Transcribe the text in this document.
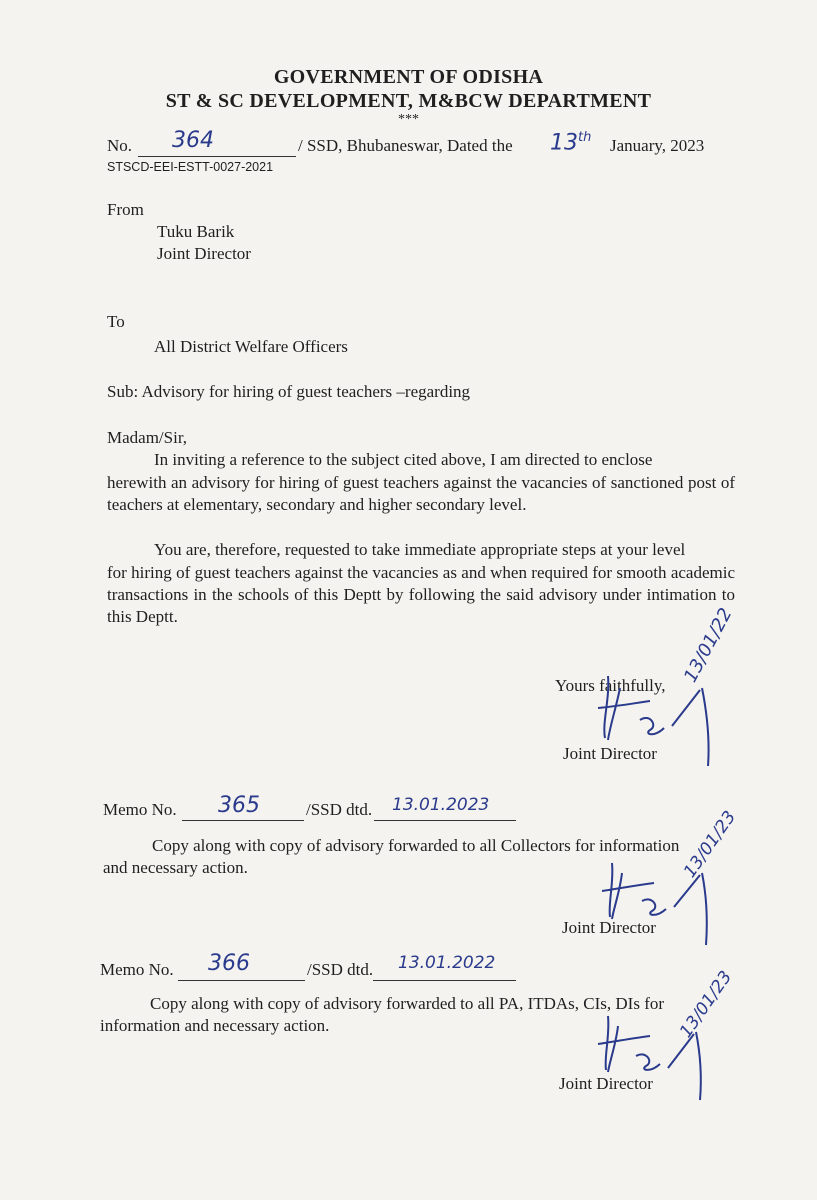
GOVERNMENT OF ODISHA
ST & SC DEVELOPMENT, M&BCW DEPARTMENT
***
No. 364	/ SSD, Bhubaneswar, Dated the 13th January, 2023
STSCD-EEI-ESTT-0027-2021
From
Tuku Barik
Joint Director
To
All District Welfare Officers
Sub: Advisory for hiring of guest teachers –regarding
Madam/Sir,
In inviting a reference to the subject cited above, I am directed to enclose
herewith an advisory for hiring of guest teachers against the vacancies of sanctioned post of teachers at elementary, secondary and higher secondary level.
You are, therefore, requested to take immediate appropriate steps at your level
for hiring of guest teachers against the vacancies as and when required for smooth academic transactions in the schools of this Deptt by following the said advisory under intimation to this Deptt.
Yours faithfully, 13/01/22
Joint Director
Memo No. 365	/SSD dtd. 13.01.2023
Copy along with copy of advisory forwarded to all Collectors for information
and necessary action.	13/01/23
Joint Director
Memo No. 366	/SSD dtd. 13.01.2022
Copy along with copy of advisory forwarded to all PA, ITDAs, CIs, DIs for
information and necessary action.	13/01/23
Joint Director
